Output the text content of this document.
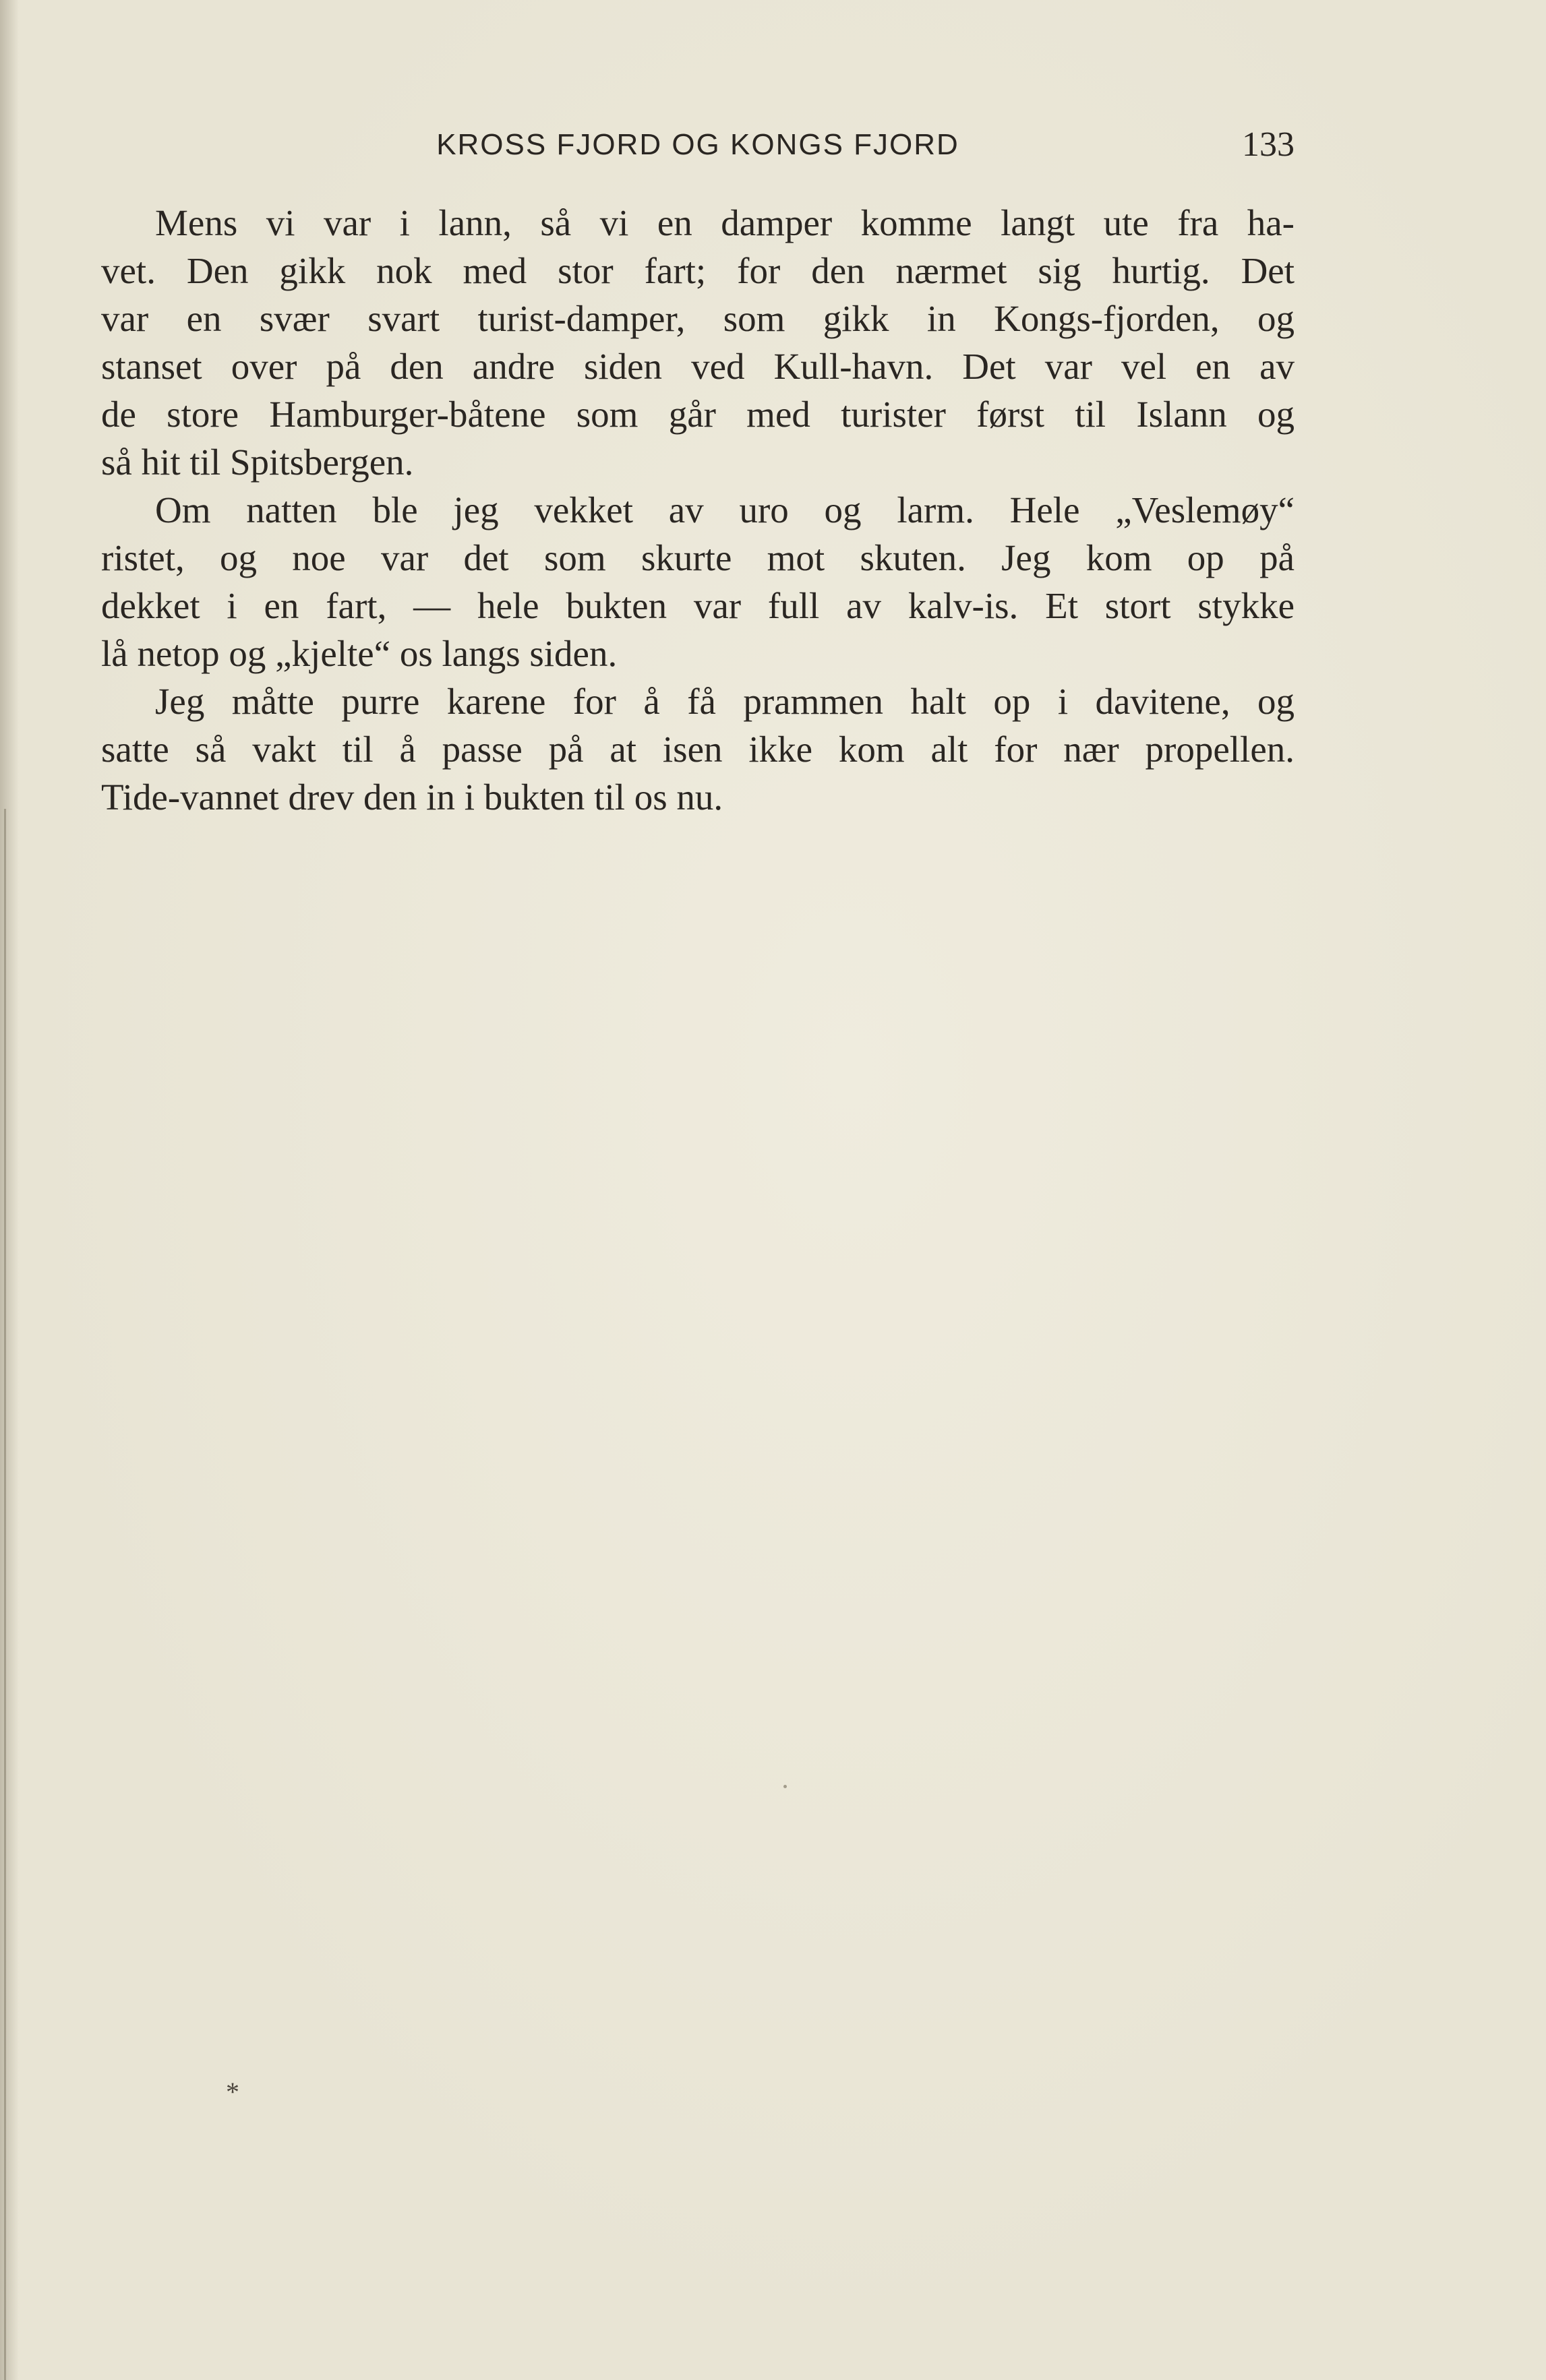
KROSS FJORD OG KONGS FJORD	133
Mens vi var i lann, så vi en damper komme langt ute fra ha-
vet. Den gikk nok med stor fart; for den nærmet sig hurtig. Det
var en svær svart turist-damper, som gikk in Kongs-fjorden, og
stanset over på den andre siden ved Kull-havn. Det var vel en av
de store Hamburger-båtene som går med turister først til Islann og
så hit til Spitsbergen.
Om natten ble jeg vekket av uro og larm. Hele „Veslemøy“
ristet, og noe var det som skurte mot skuten. Jeg kom op på
dekket i en fart, — hele bukten var full av kalv-is. Et stort stykke
lå netop og „kjelte“ os langs siden.
Jeg måtte purre karene for å få prammen halt op i davitene, og
satte så vakt til å passe på at isen ikke kom alt for nær propellen.
Tide-vannet drev den in i bukten til os nu.
*
